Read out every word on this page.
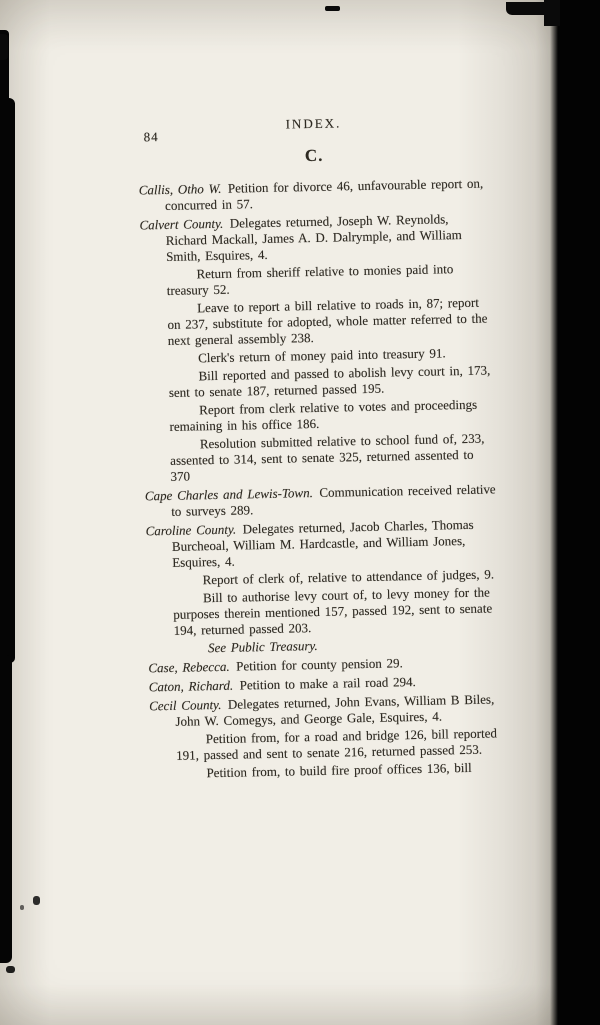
84
INDEX.
C.

Callis, Otho W. Petition for divorce 46, unfavourable report on, concurred in 57.

Calvert County. Delegates returned, Joseph W. Reynolds, Richard Mackall, James A. D. Dalrymple, and William Smith, Esquires, 4.

Return from sheriff relative to monies paid into treasury 52.

Leave to report a bill relative to roads in, 87; report on 237, substitute for adopted, whole matter referred to the next general assembly 238.

Clerk's return of money paid into treasury 91.

Bill reported and passed to abolish levy court in, 173, sent to senate 187, returned passed 195.

Report from clerk relative to votes and proceedings remaining in his office 186.

Resolution submitted relative to school fund of, 233, assented to 314, sent to senate 325, returned assented to 370

Cape Charles and Lewis-Town. Communication received relative to surveys 289.

Caroline County. Delegates returned, Jacob Charles, Thomas Burcheoal, William M. Hardcastle, and William Jones, Esquires, 4.

Report of clerk of, relative to attendance of judges, 9.

Bill to authorise levy court of, to levy money for the purposes therein mentioned 157, passed 192, sent to senate 194, returned passed 203.

See Public Treasury.

Case, Rebecca. Petition for county pension 29.

Caton, Richard. Petition to make a rail road 294.

Cecil County. Delegates returned, John Evans, William B Biles, John W. Comegys, and George Gale, Esquires, 4.

Petition from, for a road and bridge 126, bill reported 191, passed and sent to senate 216, returned passed 253.

Petition from, to build fire proof offices 136, bill
